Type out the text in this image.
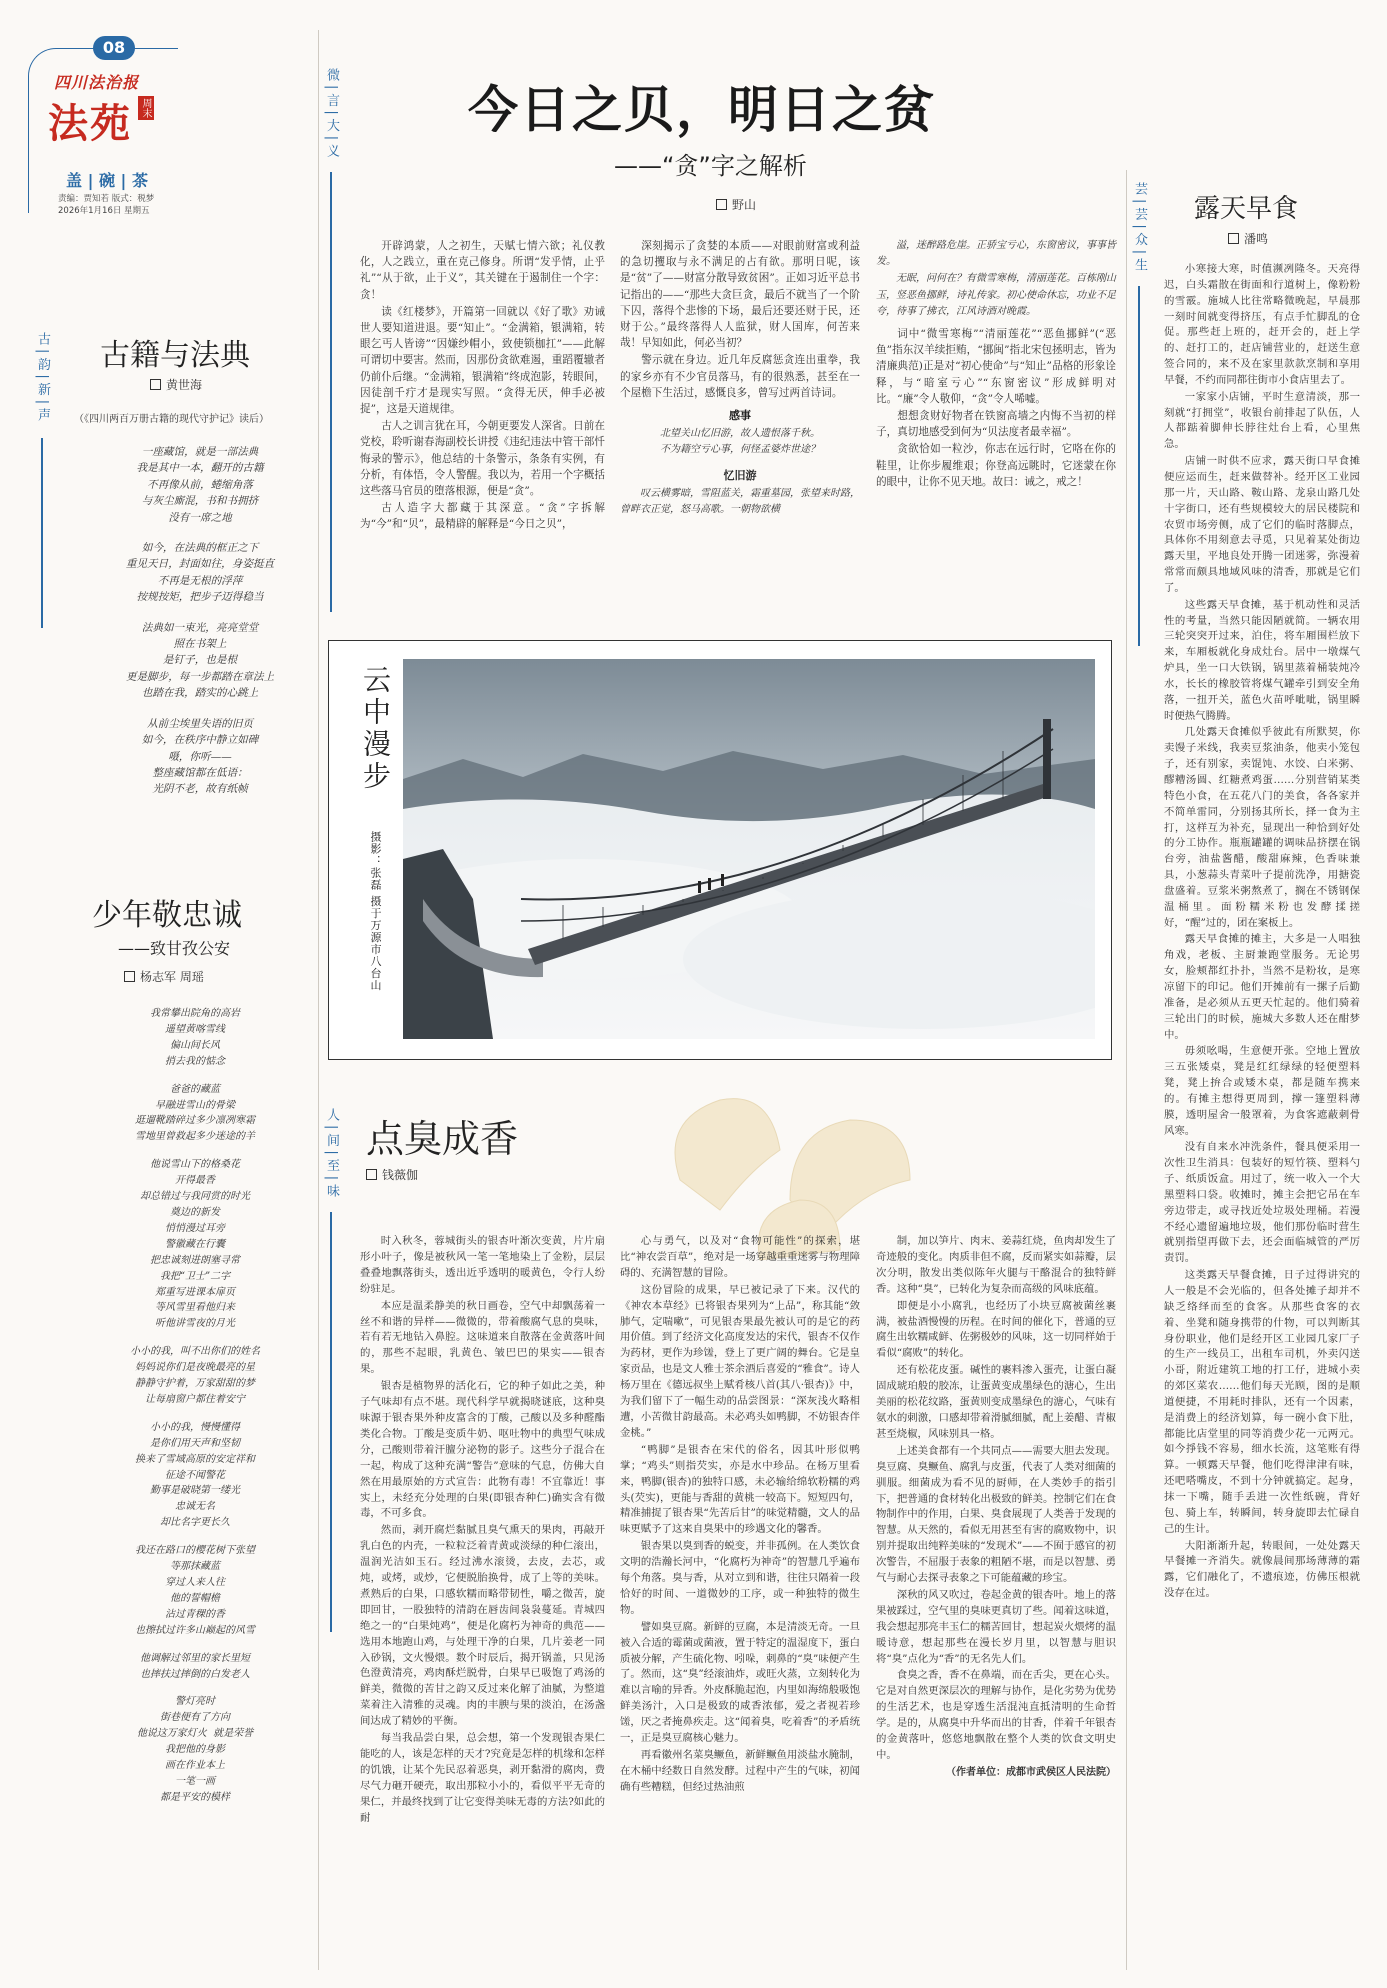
08
四川法治报
法苑 周末
盖 | 碗 | 茶
责编：贾知若 版式：税梦
2026年1月16日 星期五
微|言|大|义
古|韵|新|声
芸|芸|众|生
人|间|至|味
今日之贝，明日之贫
——“贪”字之解析
野山

开辟鸿蒙，人之初生，天赋七情六欲；礼仪教化，人之践立，重在克己修身。所谓“发乎情，止乎礼”“从于欲，止于义”，其关键在于遏制住一个字：贪！

读《红楼梦》，开篇第一回就以《好了歌》劝诫世人要知道进退。要“知止”。“金满箱，银满箱，转眼乞丐人皆谤”“因嫌纱帽小，致使锁枷扛”——此解可谓切中要害。然而，因那份贪欲难遏，重蹈覆辙者仍前仆后继。“金满箱，银满箱”终成泡影，转眼间，因徒剖千疔才是现实写照。“贪得无厌，伸手必被捉”，这是天道规律。

古人之训言犹在耳，今朝更要发人深省。日前在党校，聆听谢春海副校长讲授《违纪违法中管干部忏悔录的警示》，他总结的十条警示，条条有实例，有分析，有体悟，令人警醒。我以为，若用一个字概括这些落马官员的堕落根源，便是“贪”。

古人造字大都藏于其深意。“贪”字拆解为“今”和“贝”，最精辟的解释是“今日之贝”，

深刻揭示了贪婪的本质——对眼前财富或利益的急切攫取与永不满足的占有欲。那明日呢，该是“贫”了——财富分散导致贫困”。正如习近平总书记指出的——“那些大贪巨贪，最后不就当了一个阶下囚，落得个悲惨的下场，最后还要还财于民，还财于公。”最终落得人人监狱，财人国库，何苦来哉！早知如此，何必当初？

警示就在身边。近几年反腐惩贪连出重拳，我的家乡亦有不少官员落马，有的很熟悉，甚至在一个屋檐下生活过，感慨良多，曾写过两首诗词。

感事

北望关山忆旧游，故人遗恨落千秋。

不为籍空亏心事，何怪孟婆炸世途？

忆旧游

叹云横雾暗，雪阻蓝关，霜重墓园，张望来时路，曾畔衣正觉，怒马高歌。一朝物欲横

溢，迷醉路危崖。正骄宝亏心，东窗密议，事事皆发。

无眠，问何在？有微雪寒梅，清丽莲花。百栋刚山玉，竖恶鱼挪鲜，诗礼传家。初心使命休忘，功业不足夸，待事了拂衣，江风诗酒对晚霞。

词中“微雪寒梅”“清丽莲花”“恶鱼挪鲜”(“恶鱼”指东汉羊续拒贿，“挪闽”指北宋包拯明志，皆为清廉典范)正是对“初心使命”与“知止”品格的形象诠释，与“暗室亏心”“东窗密议”形成鲜明对比。“廉”令人敬仰，“贪”令人唏嘘。

想想贪财好物者在铁窗高墙之内悔不当初的样子，真切地感受到何为“贝法度者最幸福”。

贪欲恰如一粒沙，你志在远行时，它咯在你的鞋里，让你步履维艰；你登高远眺时，它迷蒙在你的眼中，让你不见天地。故曰：诫之，戒之！

古籍与法典
黄世海
（《四川两百万册古籍的现代守护记》读后）

一座藏馆，就是一部法典

我是其中一本，翻开的古籍

不再像从前，蜷缩角落

与灰尘廝混，书和书拥挤

没有一席之地

如今，在法典的框正之下

重见天日，封面如往，身姿挺直

不再是无根的浮萍

按规按矩，把步子迈得稳当

法典如一束光，亮亮堂堂

照在书架上

是钉子，也是根

更是脚步，每一步都踏在章法上

也踏在我，踏实的心跳上

从前尘埃里失语的旧页

如今，在秩序中静立如碑

嗫，你听——

整座藏馆都在低语：

光阴不老，故有纸帧

少年敬忠诚
——致甘孜公安
杨志军 周瑶

我常攀出院角的高岩

遥望黄喀雪线

偏山间长风

捎去我的惦念

爸爸的藏蓝

早融进雪山的骨梁

逛遛靴踏碎过多少凛冽寒霜

雪地里曾救起多少迷途的羊

他说雪山下的格桑花

开得最香

却总错过与我同赏的时光

奠边的新发

悄悄漫过耳旁

警徽藏在行囊

把忠诚刻进朗塞寻常

我把“卫士”二字

郑重写进课本扉页

等风雪里看他归来

听他讲雪夜的月光

小小的我，叫不出你们的姓名

妈妈说你们是夜晚最亮的星

静静守护着，万家甜甜的梦

让每扇窗户都住着安宁

小小的我，慢慢懂得

是你们用天声和坚韧

换来了雪域高原的安定祥和

征途不闻警花

勤事是破晓第一缕光

忠诚无名

却比名字更长久

我还在路口的樱花树下张望

等那抹藏蓝

穿过人来人往

他的誓帽檐

沾过青稞的香

也擦拭过许多山巅起的风雪

他调解过邻里的家长里短

也摔扶过摔倒的白发老人

警灯亮时

街巷便有了方向

他说这万家灯火  就是荣誉

我把他的身影

画在作业本上

一笔一画

都是平安的模样

露天早食
潘鸣

小寒接大寒，时值濒冽隆冬。天亮得迟，白头霜散在街面和行道树上，像粉粉的雪霰。施城人比往常略微晚起，早晨那一刻时间就变得挤压，有点手忙脚乱的仓促。那些赶上班的，赶开会的，赶上学的、赶打工的，赶店铺营业的，赶送生意签合同的，来不及在家里款款烹制和享用早餐，不约而同都往街市小食店里去了。

一家家小店铺，平时生意清淡，那一刻就“打拥堂”，收银台前排起了队伍，人人都踮着脚伸长脖往灶台上看，心里焦急。

店铺一时供不应求，露天街口早食摊便应运而生，赶来做替补。经开区工业园那一片，天山路、鞍山路、龙泉山路几处十字街口，还有些规模较大的居民楼院和农贸市场旁侧，成了它们的临时落脚点，具体你不用刻意去寻觅，只见着某处街边露天里，平地良处开腾一团迷雾，弥漫着常常而颇具地域风味的清香，那就是它们了。

这些露天早食摊，基于机动性和灵活性的考量，当然只能因陋就简。一辆农用三轮突突开过来，泊住，将车厢围栏放下来，车厢板就化身成灶台。居中一墩煤气炉具，坐一口大铁锅，锅里蒸着桶装炖冷水，长长的橡胶管将煤气罐牵引到安全角落，一扭开关，蓝色火苗呼呲呲，锅里瞬时便热气腾腾。

几处露天食摊似乎彼此有所默契，你卖馒子米线，我卖豆浆油条，他卖小笼包子，还有别家，卖馄饨、水饺、白米粥、醪糟汤圆、红糖煮鸡蛋……分别营销某类特色小食，在五花八门的美食，各各家并不简单雷同，分别扬其所长，择一食为主打，这样互为补充，显现出一种恰到好处的分工协作。瓶瓶罐罐的调味品挤摆在锅台旁，油盐酱醋，酸甜麻辣，色香味兼具，小葱蒜头青菜叶子提前洗净，用搪瓷盘盛着。豆浆米粥熬煮了，搁在不锈钢保温桶里。面粉糯米粉也发酵揉搓好，“醒”过的，团在案板上。

露天早食摊的摊主，大多是一人唱独角戏，老板、主厨兼跑堂服务。无论男女，脸颊都红扑扑，当然不是粉妆，是寒凉留下的印记。他们开摊前有一摞子后勤准备，是必须从五更天忙起的。他们骑着三轮出门的时候，施城大多数人还在酣梦中。

毋须吆喝，生意便开张。空地上置放三五张矮桌，凳是红红绿绿的轻便塑料凳，凳上拚合或矮木桌，都是随车携来的。有摊主想得更周到，撑一篷塑料薄膜，透明屋舍一般罩着，为食客遮蔽刺骨风寒。

没有自来水冲洗条件，餐具便采用一次性卫生消具：包装好的短竹筷、塑料勺子、纸质饭盒。用过了，统一收入一个大黑塑料口袋。收摊时，摊主会把它吊在车旁边带走，或寻找近处垃圾处理桶。若漫不经心遗留遍地垃圾，他们那份临时营生就别指望再做下去，还会面临城管的严厉责罚。

这类露天早餐食摊，日子过得讲究的人一般是不会光临的，但各处摊子却并不缺乏络绎而至的食客。从那些食客的衣着、坐凳和随身携带的什物，可以判断其身份职业，他们是经开区工业园几家厂子的生产一线员工，出租车司机，外卖闪送小哥，附近建筑工地的打工仔，进城小卖的郊区菜农……他们每天光顾，图的是顺道便捷，不用耗时排队，还有一个因素，是消费上的经济划算，每一碗小食下肚，都能比店堂里的同等消费少花一元两元。如今掙钱不容易，细水长流，这笔账有得算。一顿露天早餐，他们吃得津津有味，还吧嗒嘴皮，不到十分钟就搞定。起身，抹一下嘴，随手丢进一次性纸碗，背好包、骑上车，转瞬间，转身旋即去忙碌自己的生计。

大阳渐渐升起，转眼间，一处处露天早餐摊一齐消失。就像晨间那场薄薄的霜露，它们融化了，不遗痕迹，仿佛压根就没存在过。

云中漫步
摄影：张磊 摄于万源市八台山
点臭成香
钱薇伽

时入秋冬，蓉城街头的银杏叶渐次变黄，片片扇形小叶子，像是被秋风一笔一笔地染上了金粉，层层叠叠地飘落街头，透出近乎透明的暖黄色，令行人纷纷驻足。

本应是温柔静美的秋日画卷，空气中却飘荡着一丝不和谐的异样——微微的，带着酸腐气息的臭味，若有若无地钻入鼻腔。这味道来自散落在金黄落叶间的，那些不起眼，乳黄色、皱巴巴的果实——银杏果。

银杏是植物界的活化石，它的种子如此之美，种子气味却有点不堪。现代科学早就揭晓谜底，这种臭味源于银杏果外种皮富含的丁酸，己酸以及多种醛酯类化合物。丁酸是变质牛奶、呕吐物中的典型气味成分，己酸则带着汗膻分泌物的影子。这些分子混合在一起，构成了这种充满“警告”意味的气息，仿佛大自然在用最原始的方式宣告：此物有毒！不宜靠近！事实上，未经充分处理的白果(即银杏种仁)确实含有微毒，不可多食。

然而，剥开腐烂黏腻且臭气熏天的果肉，再敲开乳白色的内壳，一粒粒泛着青黄或淡绿的种仁滚出，温润光洁如玉石。经过沸水滚烫，去皮，去芯，或炖，或烤，或炒，它便脱胎换骨，成了上等的美味。煮熟后的白果，口感软糯而略带韧性，嚼之微苦，旋即回甘，一股独特的清韵在唇齿间袅袅蔓延。青城四绝之一的“白果炖鸡”，便是化腐朽为神奇的典范——选用本地跑山鸡，与处理干净的白果，几片姜老一同入砂锅，文火慢煨。数个时辰后，揭开锅盖，只见汤色澄黄清亮，鸡肉酥烂脱骨，白果早已吸饱了鸡汤的鲜美，微微的苦甘之韵又反过来化解了油腻，为整道菜着注入清雅的灵魂。肉的丰腴与果的淡泊，在汤盏间达成了精妙的平衡。

每当我品尝白果，总会想，第一个发现银杏果仁能吃的人，该是怎样的天才?究竟是怎样的机缘和怎样的饥饿，让某个先民忍着恶臭，剥开黏滑的腐肉，费尽气力砸开硬壳，取出那粒小小的，看似平平无奇的果仁，并最终找到了让它变得美味无毒的方法?如此的耐

心与勇气，以及对“食物可能性”的探索，堪比“神农尝百草”，绝对是一场穿越重重迷雾与物理障碍的、充满智慧的冒险。

这份冒险的成果，早已被记录了下来。汉代的《神农本草经》已将银杏果列为“上品”，称其能“敛肺气，定喘嗽”，可见银杏果最先被认可的是它的药用价值。到了经济文化高度发达的宋代，银杏不仅作为药材，更作为珍馐，登上了更广阔的舞台。它是皇家贡品，也是文人雅士茶余酒后喜爱的“雅食”。诗人杨万里在《德远叔坐上赋肴核八首(其八·银杏)》中，为我们留下了一幅生动的品尝图景：“深灰浅火略相遭，小苦微甘韵最高。未必鸡头如鸭脚，不妨银杏伴金桃。”

“鸭脚”是银杏在宋代的俗名，因其叶形似鸭掌；“鸡头”则指芡实，亦是水中珍品。在杨万里看来，鸭脚(银杏)的独特口感，未必输给绵软粉糯的鸡头(芡实)，更能与香甜的黄桃一较高下。短短四句，精准捕捉了银杏果“先苦后甘”的味觉精髓，文人的品味更赋予了这来自臭果中的珍遇文化的馨香。

银杏果以臭到香的蜕变，并非孤例。在人类饮食文明的浩瀚长河中，“化腐朽为神奇”的智慧几乎遍布每个角落。臭与香，从对立到和谐，往往只隔着一段恰好的时间、一道微妙的工序，或一种独特的微生物。

譬如臭豆腐。新鲜的豆腐，本是清淡无奇。一旦被入合适的霉菌或菌液，置于特定的温湿度下，蛋白质被分解，产生硫化物、吲哚，刺鼻的“臭”味便产生了。然而，这“臭”经滚油炸，或旺火蒸，立刻转化为难以言喻的异香。外皮酥脆起泡，内里如海绵般吸饱鲜美汤汁，入口是极致的咸香浓郁，爱之者视若珍馐，厌之者掩鼻疾走。这“闻着臭，吃着香”的矛盾统一，正是臭豆腐核心魅力。

再看徽州名菜臭鳜鱼，新鲜鳜鱼用淡盐水腌制，在木桶中经数日自然发酵。过程中产生的气味，初闻确有些糟糕，但经过热油煎

制，加以笋片、肉末、姜蒜红烧，鱼肉却发生了奇迹般的变化。肉质非但不腐，反而紧实如蒜瓣，层次分明，散发出类似陈年火腿与干酪混合的独特鲜香。这种“臭”，已转化为复杂而高级的风味底蕴。

即便是小小腐乳，也经历了小块豆腐被菌丝裹满，被盐酒慢慢的历程。在时间的催化下，普通的豆腐生出软糯咸鲜、佐粥极妙的风味，这一切同样始于看似“腐败”的转化。

还有松花皮蛋。碱性的裹料渗入蛋壳，让蛋白凝固成琥珀般的胶冻，让蛋黄变成墨绿色的溏心，生出美丽的松花纹路，蛋黄则变成墨绿色的溏心，气味有氨水的刺激，口感却带着滑腻细腻，配上姜醋、青椒甚至烧椒，风味别具一格。

上述美食都有一个共同点——需要大胆去发现。臭豆腐、臭鳜鱼、腐乳与皮蛋，代表了人类对细菌的驯服。细菌成为看不见的厨师，在人类妙手的指引下，把普通的食材转化出极致的鲜美。控制它们在食物制作中的作用，白果、臭食展现了人类善于发现的智慧。从天然的，看似无用甚至有害的腐败物中，识别并提取出纯粹美味的“发现术”——不囿于感官的初次警告，不屈服于表象的粗陋不堪，而是以智慧、勇气与耐心去探寻表象之下可能蕴藏的珍宝。

深秋的风又吹过，卷起金黄的银杏叶。地上的落果被踩过，空气里的臭味更真切了些。闻着这味道，我会想起那亮丰玉仁的糯苦回甘，想起炭火煨烤的温暖诗意，想起那些在漫长岁月里，以智慧与胆识将“臭”点化为“香”的无名先人们。

食臭之香，香不在鼻端，而在舌尖，更在心头。它是对自然更深层次的理解与协作，是化劣势为优势的生活艺术，也是穿透生活混沌直抵清明的生命哲学。是的，从腐臭中升华而出的甘香，伴着千年银杏的金黄落叶，悠悠地飘散在整个人类的饮食文明史中。

（作者单位：成都市武侯区人民法院）
